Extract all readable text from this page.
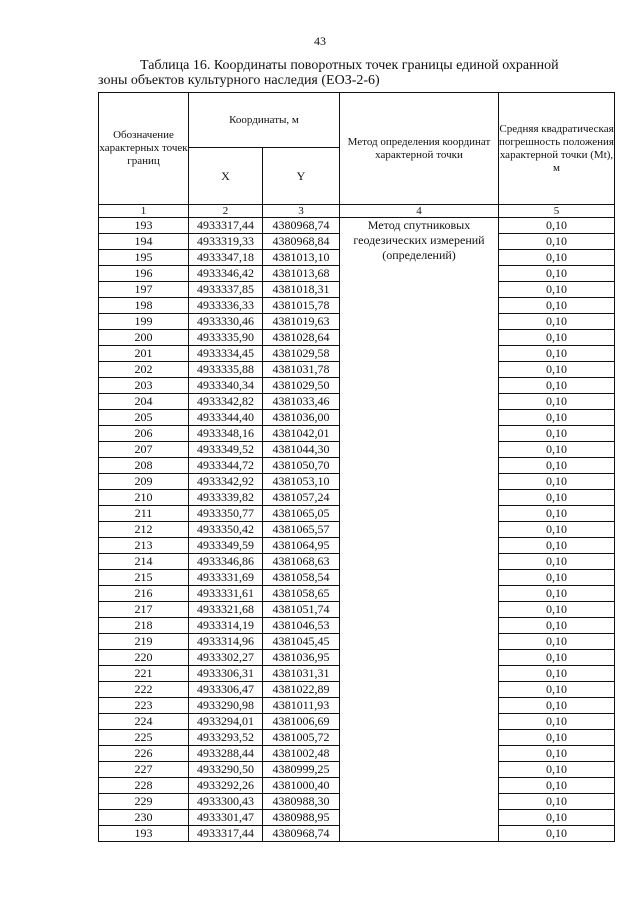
43
Таблица 16. Координаты поворотных точек границы единой охранной
зоны объектов культурного наследия (ЕОЗ-2-6)
Обозначение характерных точек границ	Координаты, м		Метод определения координат характерной точки	Средняя квадратическая погрешность положения характерной точки (Mt), м
	X	Y		
1	2	3	4	5
193	4933317,44	4380968,74	Метод спутниковых геодезических измерений (определений)	0,10
194	4933319,33	4380968,84		0,10
195	4933347,18	4381013,10		0,10
196	4933346,42	4381013,68		0,10
197	4933337,85	4381018,31		0,10
198	4933336,33	4381015,78		0,10
199	4933330,46	4381019,63		0,10
200	4933335,90	4381028,64		0,10
201	4933334,45	4381029,58		0,10
202	4933335,88	4381031,78		0,10
203	4933340,34	4381029,50		0,10
204	4933342,82	4381033,46		0,10
205	4933344,40	4381036,00		0,10
206	4933348,16	4381042,01		0,10
207	4933349,52	4381044,30		0,10
208	4933344,72	4381050,70		0,10
209	4933342,92	4381053,10		0,10
210	4933339,82	4381057,24		0,10
211	4933350,77	4381065,05		0,10
212	4933350,42	4381065,57		0,10
213	4933349,59	4381064,95		0,10
214	4933346,86	4381068,63		0,10
215	4933331,69	4381058,54		0,10
216	4933331,61	4381058,65		0,10
217	4933321,68	4381051,74		0,10
218	4933314,19	4381046,53		0,10
219	4933314,96	4381045,45		0,10
220	4933302,27	4381036,95		0,10
221	4933306,31	4381031,31		0,10
222	4933306,47	4381022,89		0,10
223	4933290,98	4381011,93		0,10
224	4933294,01	4381006,69		0,10
225	4933293,52	4381005,72		0,10
226	4933288,44	4381002,48		0,10
227	4933290,50	4380999,25		0,10
228	4933292,26	4381000,40		0,10
229	4933300,43	4380988,30		0,10
230	4933301,47	4380988,95		0,10
193	4933317,44	4380968,74		0,10
